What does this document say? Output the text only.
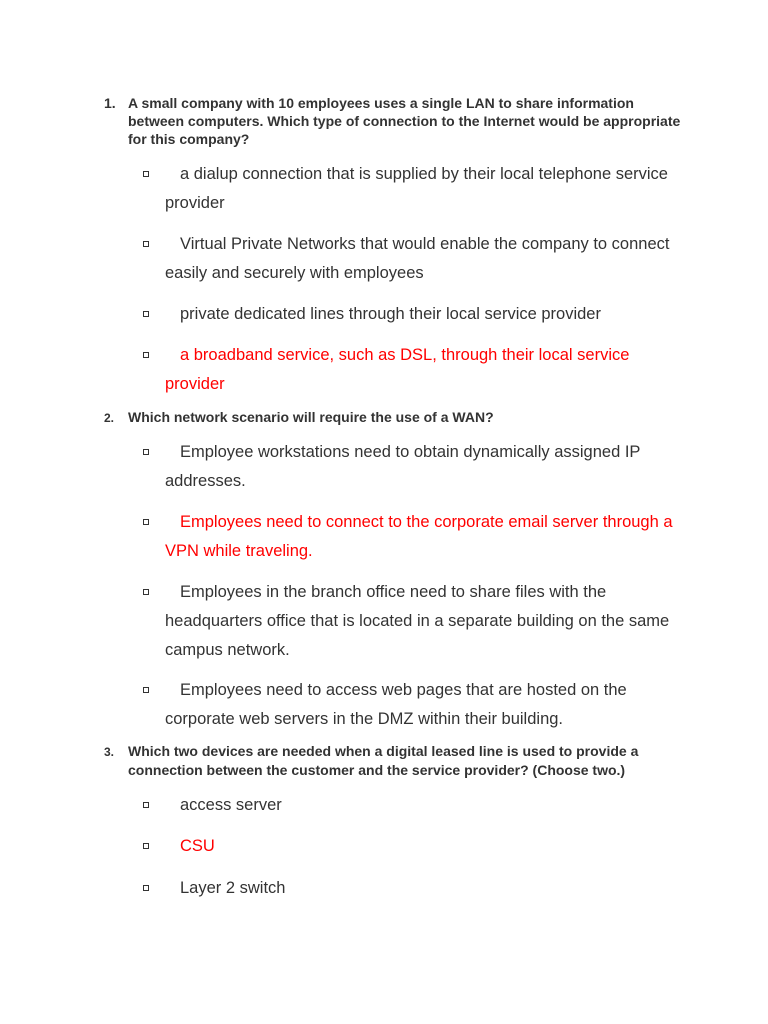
1. A small company with 10 employees uses a single LAN to share information between computers. Which type of connection to the Internet would be appropriate for this company?
a dialup connection that is supplied by their local telephone service provider
Virtual Private Networks that would enable the company to connect easily and securely with employees
private dedicated lines through their local service provider
a broadband service, such as DSL, through their local service provider
2. Which network scenario will require the use of a WAN?
Employee workstations need to obtain dynamically assigned IP addresses.
Employees need to connect to the corporate email server through a VPN while traveling.
Employees in the branch office need to share files with the headquarters office that is located in a separate building on the same campus network.
Employees need to access web pages that are hosted on the corporate web servers in the DMZ within their building.
3. Which two devices are needed when a digital leased line is used to provide a connection between the customer and the service provider? (Choose two.)
access server
CSU
Layer 2 switch
